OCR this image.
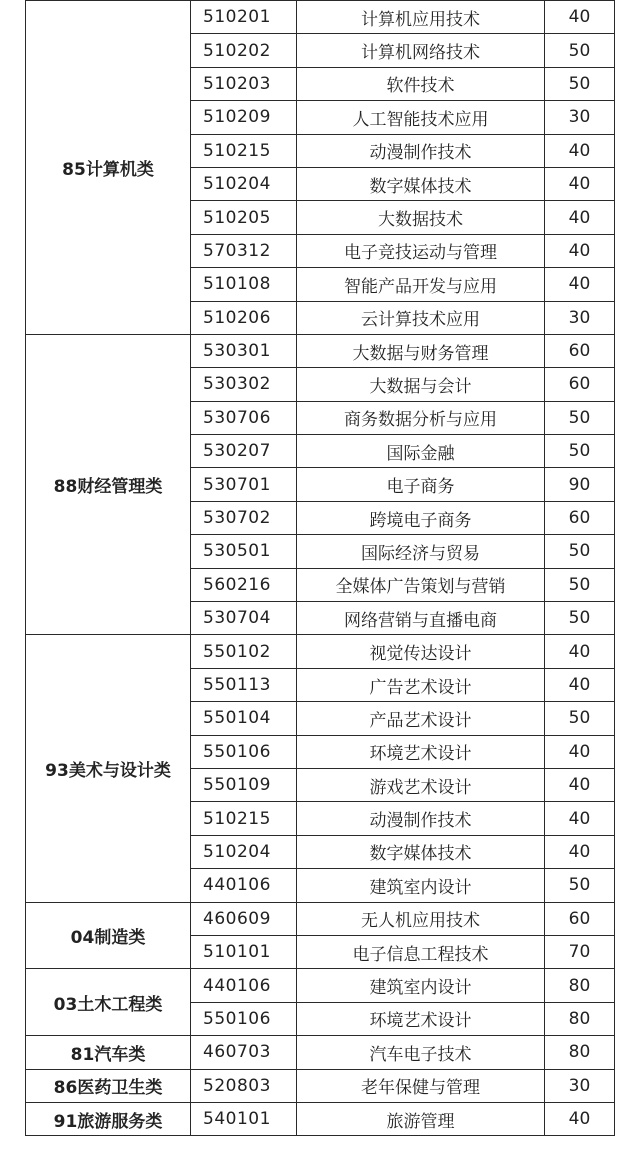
85计算机类	510201	计算机应用技术	40
	510202	计算机网络技术	50
	510203	软件技术	50
	510209	人工智能技术应用	30
	510215	动漫制作技术	40
	510204	数字媒体技术	40
	510205	大数据技术	40
	570312	电子竞技运动与管理	40
	510108	智能产品开发与应用	40
	510206	云计算技术应用	30
88财经管理类	530301	大数据与财务管理	60
	530302	大数据与会计	60
	530706	商务数据分析与应用	50
	530207	国际金融	50
	530701	电子商务	90
	530702	跨境电子商务	60
	530501	国际经济与贸易	50
	560216	全媒体广告策划与营销	50
	530704	网络营销与直播电商	50
93美术与设计类	550102	视觉传达设计	40
	550113	广告艺术设计	40
	550104	产品艺术设计	50
	550106	环境艺术设计	40
	550109	游戏艺术设计	40
	510215	动漫制作技术	40
	510204	数字媒体技术	40
	440106	建筑室内设计	50
04制造类	460609	无人机应用技术	60
	510101	电子信息工程技术	70
03土木工程类	440106	建筑室内设计	80
	550106	环境艺术设计	80
81汽车类	460703	汽车电子技术	80
86医药卫生类	520803	老年保健与管理	30
91旅游服务类	540101	旅游管理	40
